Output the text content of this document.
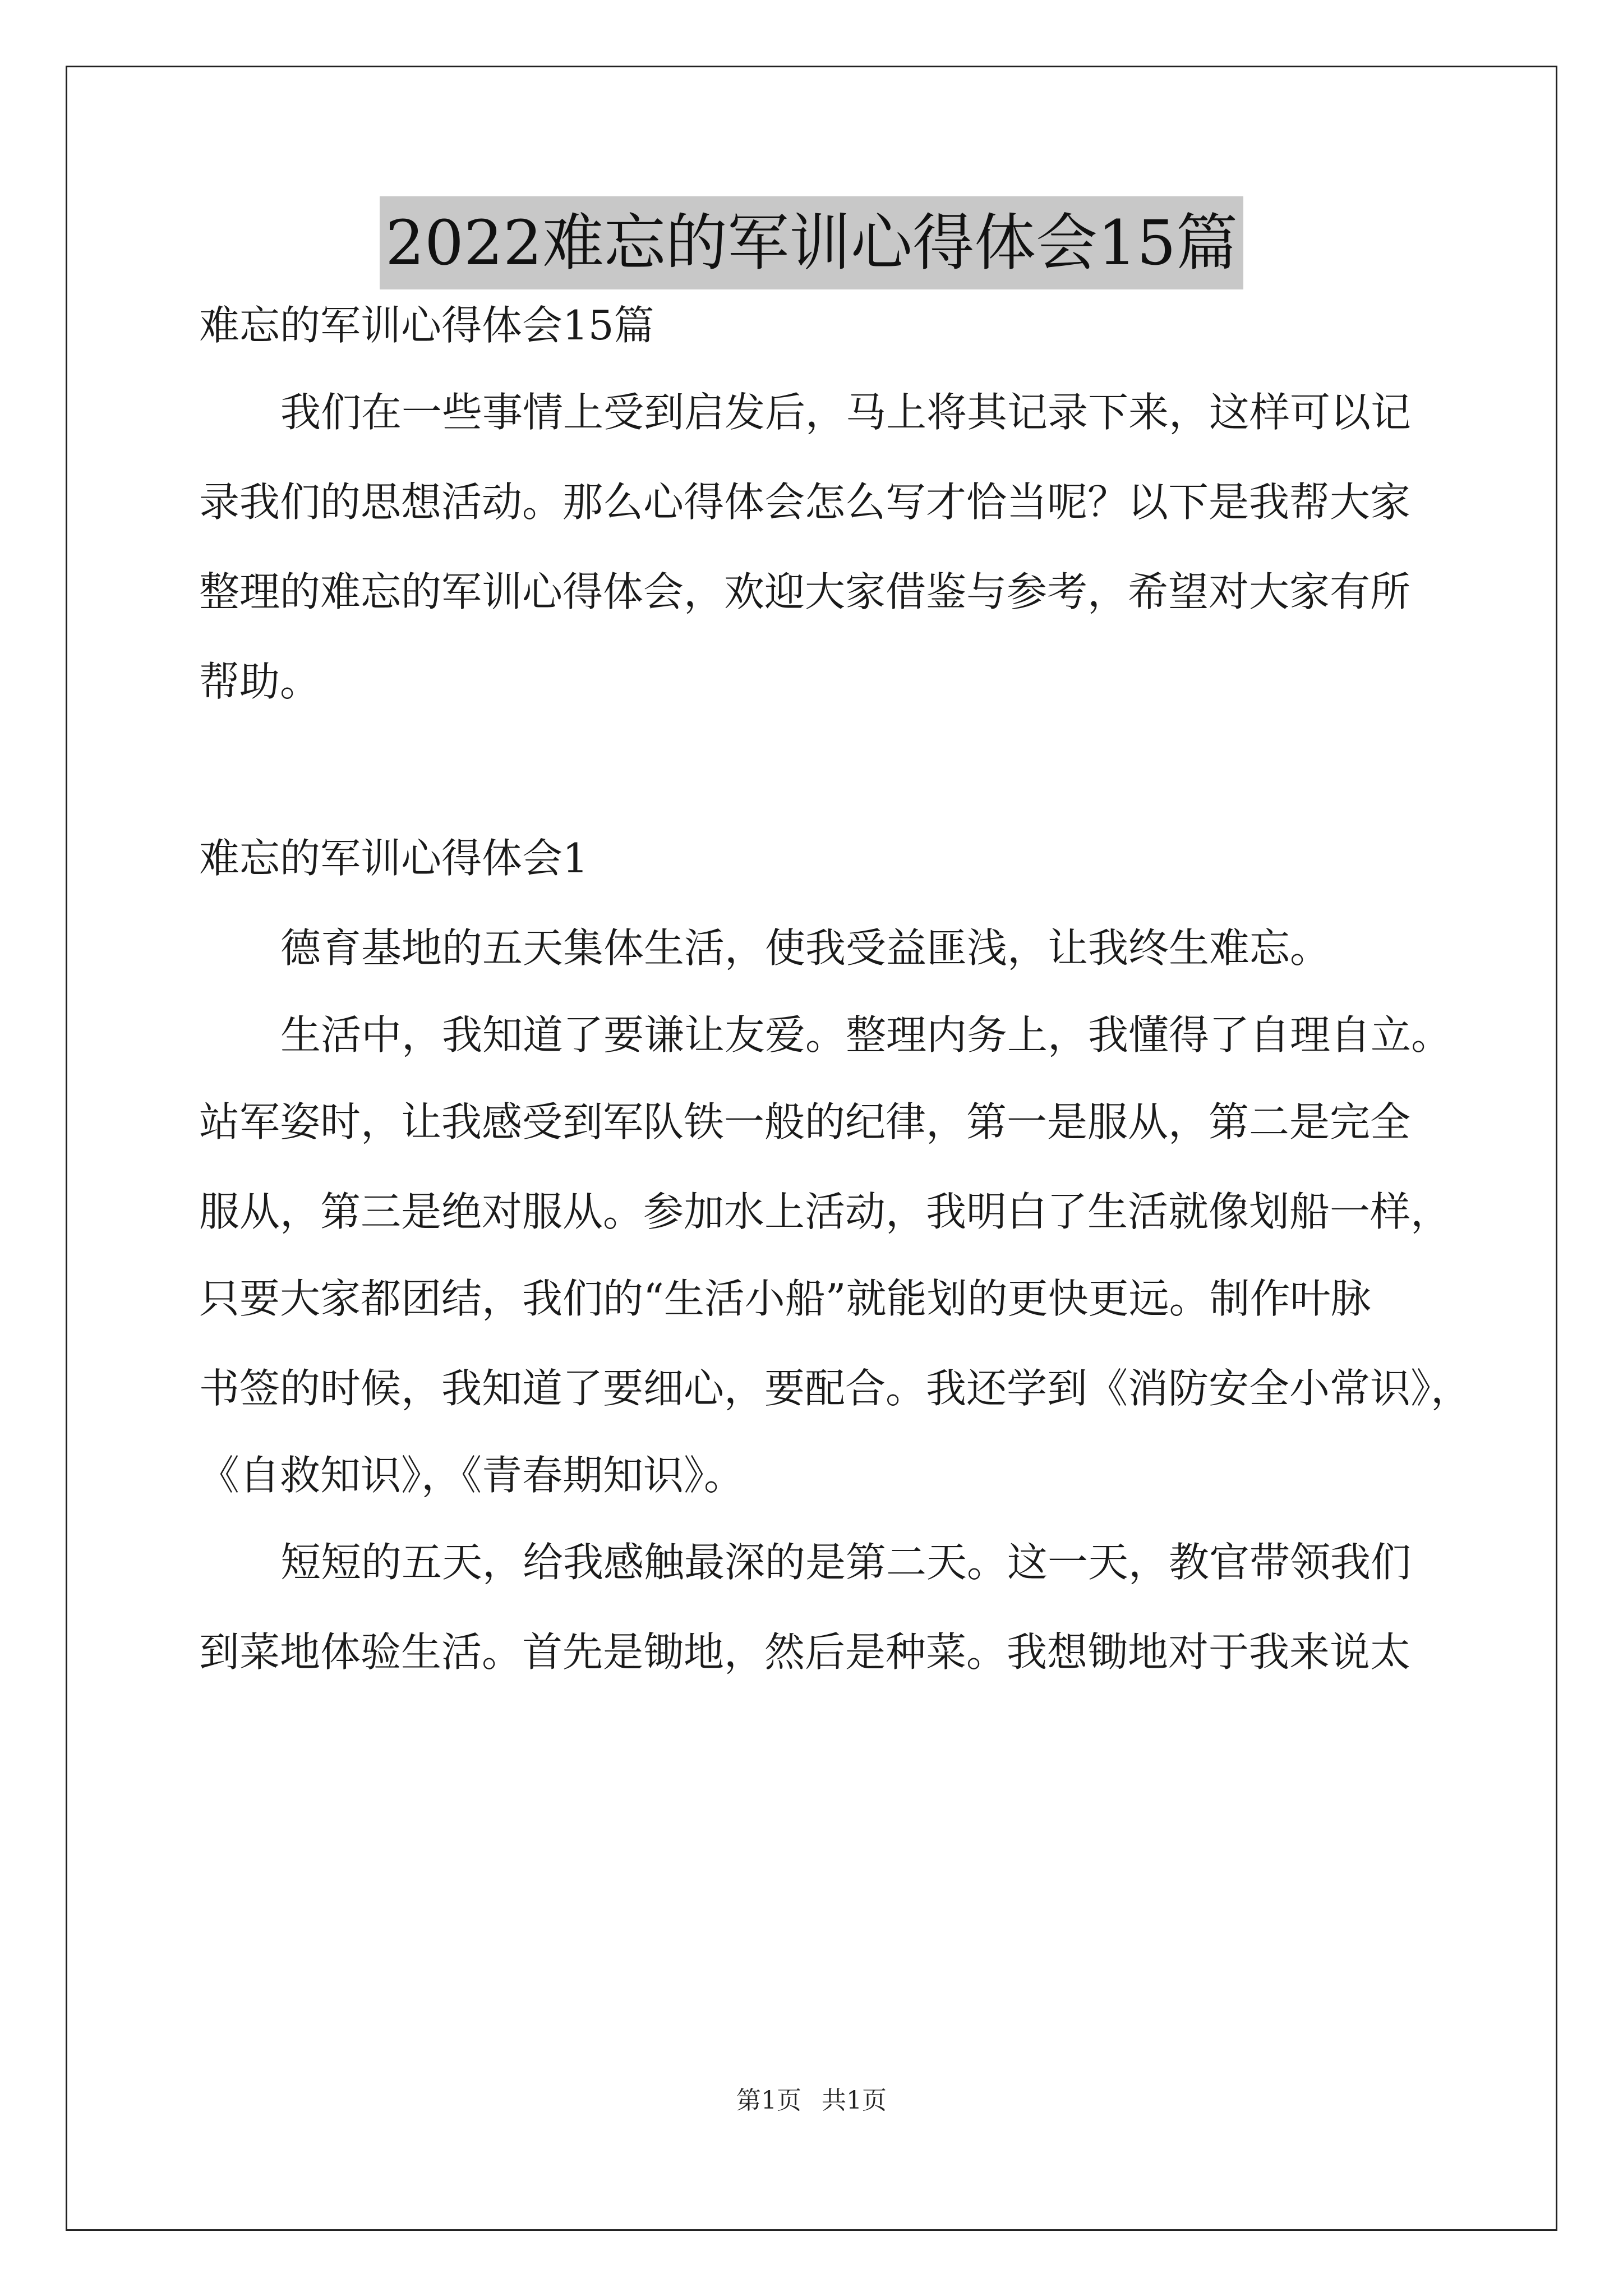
2022难忘的军训心得体会15篇

难忘的军训心得体会15篇

我们在一些事情上受到启发后，马上将其记录下来，这样可以记

录我们的思想活动。那么心得体会怎么写才恰当呢？以下是我帮大家

整理的难忘的军训心得体会，欢迎大家借鉴与参考，希望对大家有所

帮助。

难忘的军训心得体会1

德育基地的五天集体生活，使我受益匪浅，让我终生难忘。

生活中，我知道了要谦让友爱。整理内务上，我懂得了自理自立。

站军姿时，让我感受到军队铁一般的纪律，第一是服从，第二是完全

服从，第三是绝对服从。参加水上活动，我明白了生活就像划船一样，

只要大家都团结，我们的“生活小船”就能划的更快更远。制作叶脉

书签的时候，我知道了要细心，要配合。我还学到《消防安全小常识》，

《自救知识》，《青春期知识》。

短短的五天，给我感触最深的是第二天。这一天，教官带领我们

到菜地体验生活。首先是锄地，然后是种菜。我想锄地对于我来说太

第1页 共1页
